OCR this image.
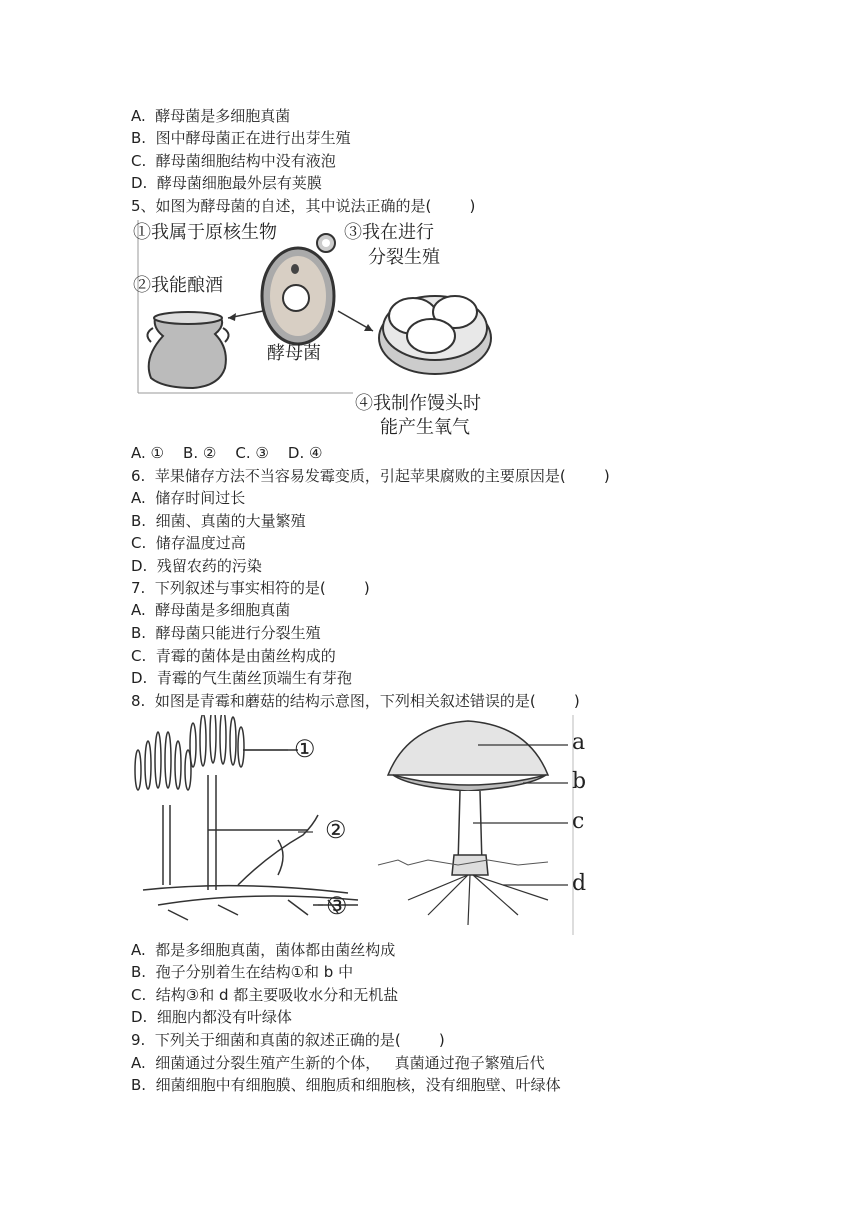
A.  酵母菌是多细胞真菌
B.  图中酵母菌正在进行出芽生殖
C.  酵母菌细胞结构中没有液泡
D.  酵母菌细胞最外层有荚膜
5、如图为酵母菌的自述，其中说法正确的是(        )
①我属于原核生物	③我在进行
分裂生殖
②我能酿酒
酵母菌
④我制作馒头时
能产生氧气
A. ①    B. ②    C. ③    D. ④
6.  苹果储存方法不当容易发霉变质，引起苹果腐败的主要原因是(        )
A.  储存时间过长
B.  细菌、真菌的大量繁殖
C.  储存温度过高
D.  残留农药的污染
7.  下列叙述与事实相符的是(        )
A.  酵母菌是多细胞真菌
B.  酵母菌只能进行分裂生殖
C.  青霉的菌体是由菌丝构成的
D.  青霉的气生菌丝顶端生有芽孢
8.  如图是青霉和蘑菇的结构示意图，下列相关叙述错误的是(        )
①
②
③
a
b
c
d
A.  都是多细胞真菌，菌体都由菌丝构成
B.  孢子分别着生在结构①和 b 中
C.  结构③和 d 都主要吸收水分和无机盐
D.  细胞内都没有叶绿体
9.  下列关于细菌和真菌的叙述正确的是(        )
A.  细菌通过分裂生殖产生新的个体，   真菌通过孢子繁殖后代
B.  细菌细胞中有细胞膜、细胞质和细胞核，没有细胞壁、叶绿体
